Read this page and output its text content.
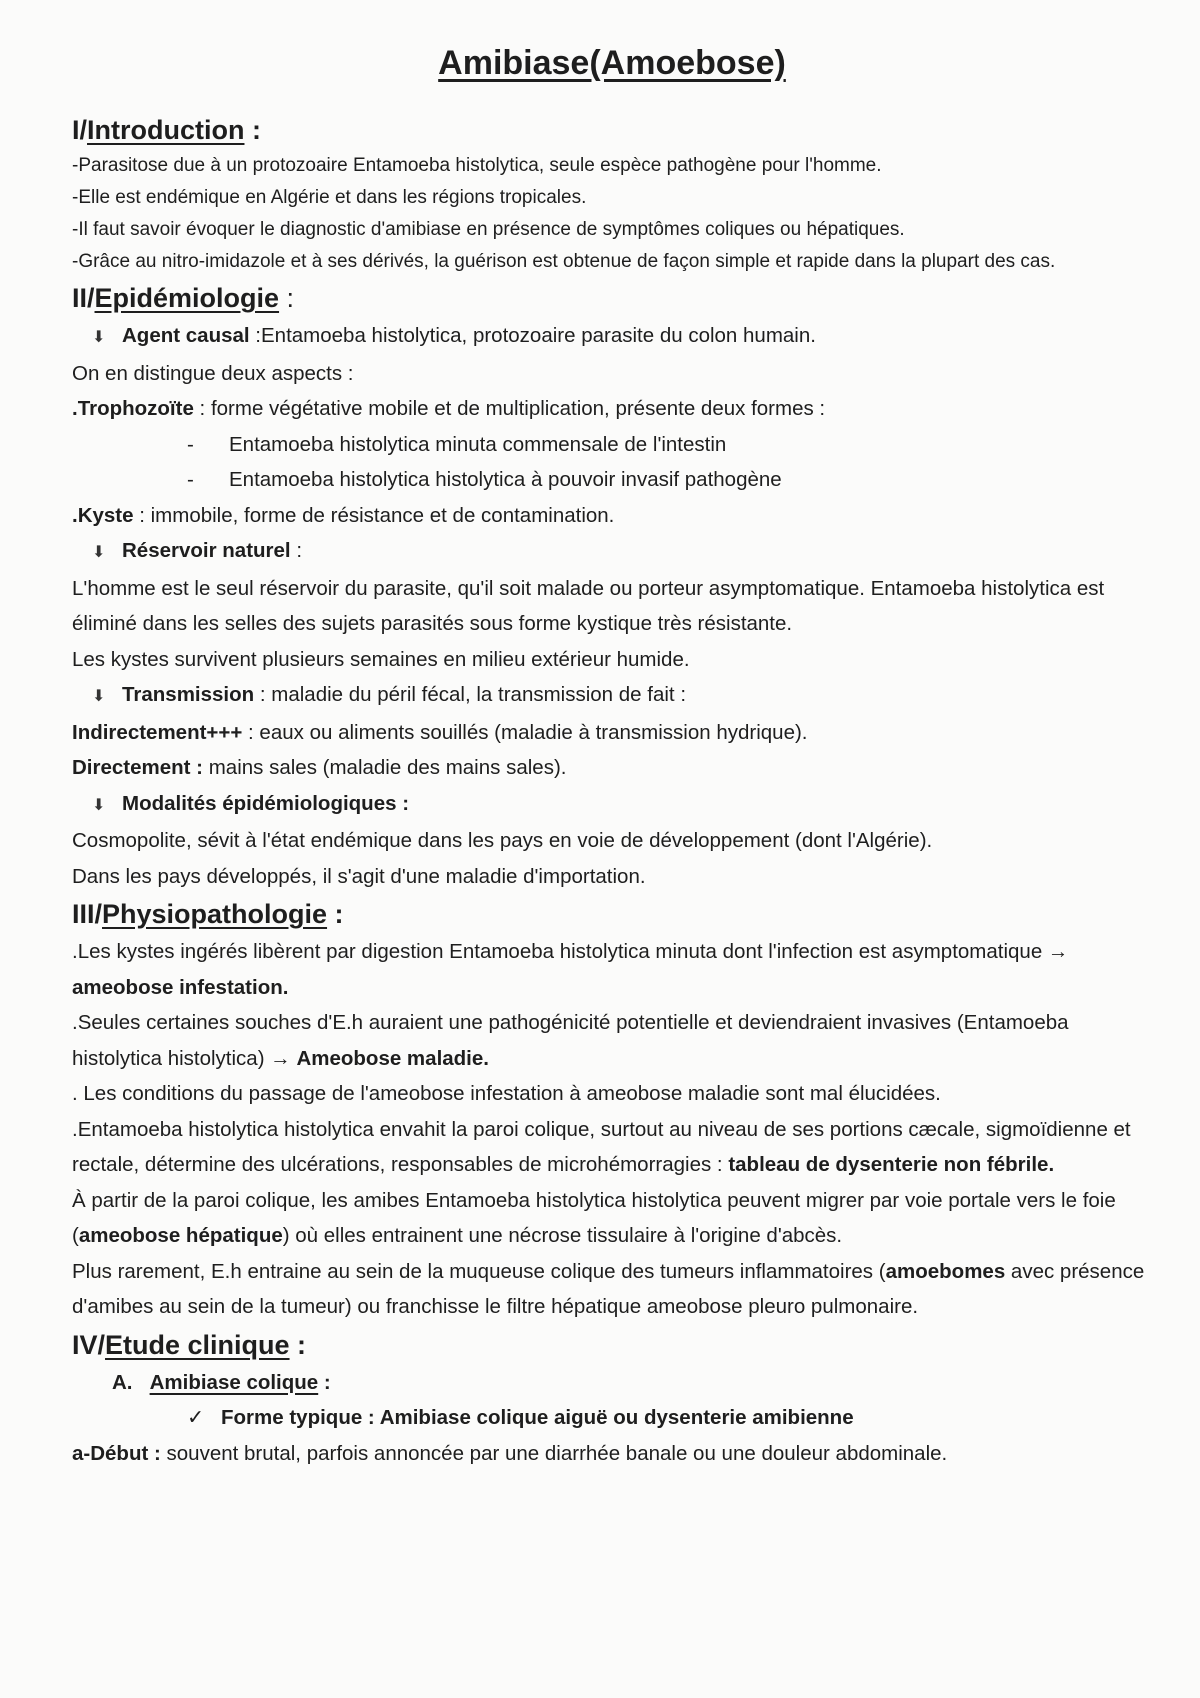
Amibiase(Amoebose)
I/Introduction :

-Parasitose due à un protozoaire Entamoeba histolytica, seule espèce pathogène pour l'homme.

-Elle est endémique en Algérie et dans les régions tropicales.

-Il faut savoir évoquer le diagnostic d'amibiase en présence de symptômes coliques ou hépatiques.

-Grâce au nitro-imidazole et à ses dérivés, la guérison est obtenue de façon simple et rapide dans la plupart des cas.

II/Epidémiologie :

⬇ Agent causal :Entamoeba histolytica, protozoaire parasite du colon humain.

On en distingue deux aspects :

.Trophozoïte : forme végétative mobile et de multiplication, présente deux formes :

- Entamoeba histolytica minuta commensale de l'intestin

- Entamoeba histolytica histolytica à pouvoir invasif pathogène

.Kyste : immobile, forme de résistance et de contamination.

⬇ Réservoir naturel :

L'homme est le seul réservoir du parasite, qu'il soit malade ou porteur asymptomatique. Entamoeba histolytica est éliminé dans les selles des sujets parasités sous forme kystique très résistante.

Les kystes survivent plusieurs semaines en milieu extérieur humide.

⬇ Transmission : maladie du péril fécal, la transmission de fait :

Indirectement+++ : eaux ou aliments souillés (maladie à transmission hydrique).

Directement : mains sales (maladie des mains sales).

⬇ Modalités épidémiologiques :

Cosmopolite, sévit à l'état endémique dans les pays en voie de développement (dont l'Algérie).

Dans les pays développés, il s'agit d'une maladie d'importation.

III/Physiopathologie :

.Les kystes ingérés libèrent par digestion Entamoeba histolytica minuta dont l'infection est asymptomatique → ameobose infestation.

.Seules certaines souches d'E.h auraient une pathogénicité potentielle et deviendraient invasives (Entamoeba histolytica histolytica) → Ameobose maladie.

. Les conditions du passage de l'ameobose infestation à ameobose maladie sont mal élucidées.

.Entamoeba histolytica histolytica envahit la paroi colique, surtout au niveau de ses portions cæcale, sigmoïdienne et rectale, détermine des ulcérations, responsables de microhémorragies : tableau de dysenterie non fébrile.

À partir de la paroi colique, les amibes Entamoeba histolytica histolytica peuvent migrer par voie portale vers le foie (ameobose hépatique) où elles entrainent une nécrose tissulaire à l'origine d'abcès.

Plus rarement, E.h entraine au sein de la muqueuse colique des tumeurs inflammatoires (amoebomes avec présence d'amibes au sein de la tumeur) ou franchisse le filtre hépatique ameobose pleuro pulmonaire.

IV/Etude clinique :

A. Amibiase colique :

✓ Forme typique : Amibiase colique aiguë ou dysenterie amibienne

a-Début : souvent brutal, parfois annoncée par une diarrhée banale ou une douleur abdominale.
